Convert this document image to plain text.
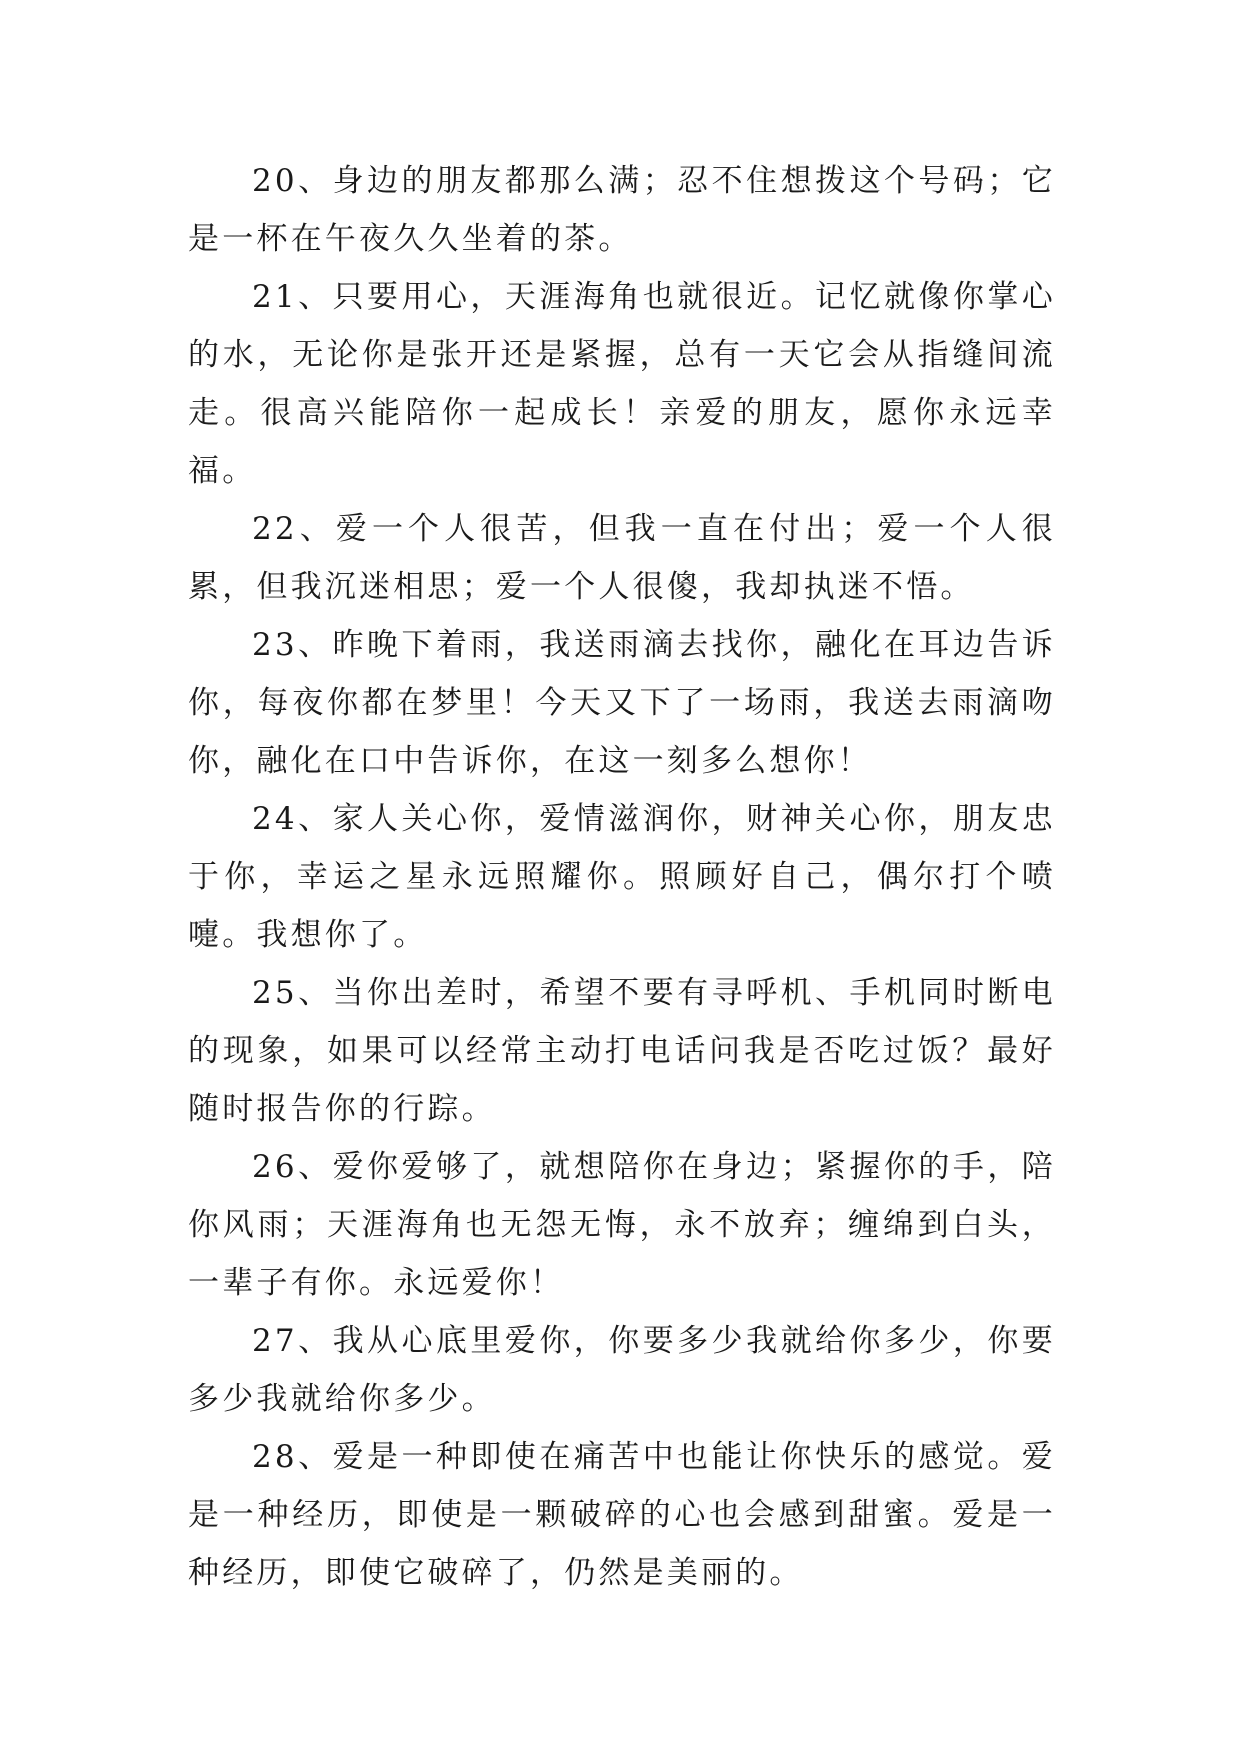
20、身边的朋友都那么满；忍不住想拨这个号码；它是一杯在午夜久久坐着的茶。

21、只要用心，天涯海角也就很近。记忆就像你掌心的水，无论你是张开还是紧握，总有一天它会从指缝间流走。很高兴能陪你一起成长！亲爱的朋友，愿你永远幸福。

22、爱一个人很苦，但我一直在付出；爱一个人很累，但我沉迷相思；爱一个人很傻，我却执迷不悟。

23、昨晚下着雨，我送雨滴去找你，融化在耳边告诉你，每夜你都在梦里！今天又下了一场雨，我送去雨滴吻你，融化在口中告诉你，在这一刻多么想你！

24、家人关心你，爱情滋润你，财神关心你，朋友忠于你，幸运之星永远照耀你。照顾好自己，偶尔打个喷嚏。我想你了。

25、当你出差时，希望不要有寻呼机、手机同时断电的现象，如果可以经常主动打电话问我是否吃过饭？最好随时报告你的行踪。

26、爱你爱够了，就想陪你在身边；紧握你的手，陪你风雨；天涯海角也无怨无悔，永不放弃；缠绵到白头，一辈子有你。永远爱你！

27、我从心底里爱你，你要多少我就给你多少，你要多少我就给你多少。

28、爱是一种即使在痛苦中也能让你快乐的感觉。爱是一种经历，即使是一颗破碎的心也会感到甜蜜。爱是一种经历，即使它破碎了，仍然是美丽的。
